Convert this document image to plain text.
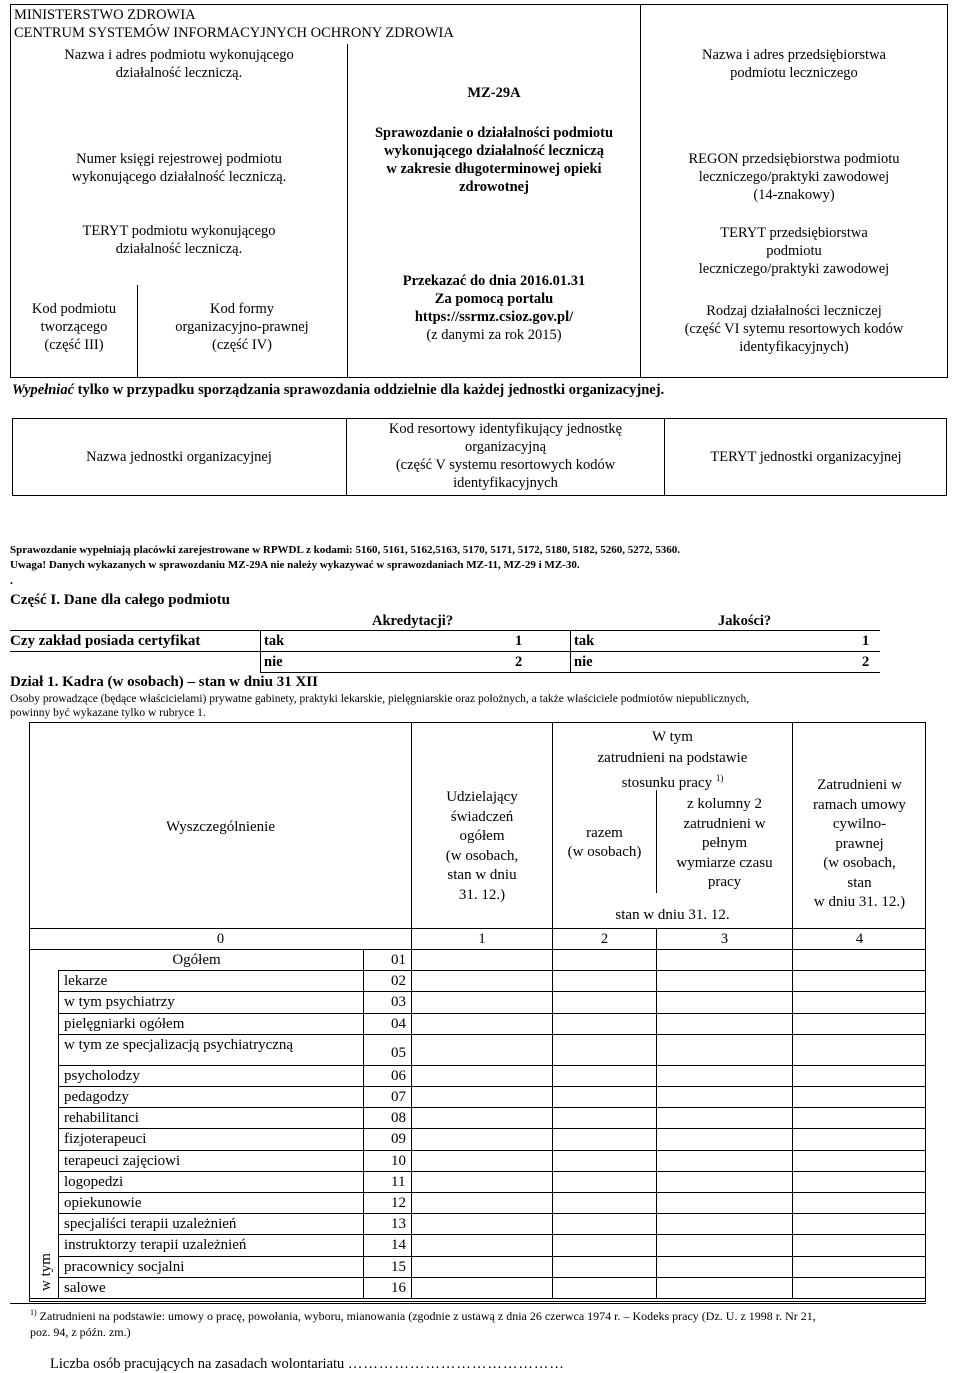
MINISTERSTWO ZDROWIA
CENTRUM SYSTEMÓW INFORMACYJNYCH OCHRONY ZDROWIA
Nazwa i adres podmiotu wykonującego
działalność leczniczą.
Numer księgi rejestrowej podmiotu
wykonującego działalność leczniczą.
TERYT podmiotu wykonującego
działalność leczniczą.
Kod podmiotu
tworzącego
(część III)
Kod formy
organizacyjno-prawnej
(część IV)
MZ-29A
Sprawozdanie o działalności podmiotu
wykonującego działalność leczniczą
w zakresie długoterminowej opieki
zdrowotnej
Przekazać do dnia 2016.01.31
Za pomocą portalu
https://ssrmz.csioz.gov.pl/
(z danymi za rok 2015)
Nazwa i adres przedsiębiorstwa
podmiotu leczniczego
REGON przedsiębiorstwa podmiotu
leczniczego/praktyki zawodowej
(14-znakowy)
TERYT przedsiębiorstwa
podmiotu
leczniczego/praktyki zawodowej
Rodzaj działalności leczniczej
(część VI sytemu resortowych kodów
identyfikacyjnych)
Wypełniać tylko w przypadku sporządzania sprawozdania oddzielnie dla każdej jednostki organizacyjnej.
Nazwa jednostki organizacyjnej
Kod resortowy identyfikujący jednostkę
organizacyjną
(część V systemu resortowych kodów
identyfikacyjnych
TERYT jednostki organizacyjnej
Sprawozdanie wypełniają placówki zarejestrowane w RPWDL z kodami: 5160, 5161, 5162,5163, 5170, 5171, 5172, 5180, 5182, 5260, 5272, 5360.
Uwaga! Danych wykazanych w sprawozdaniu MZ-29A nie należy wykazywać w sprawozdaniach MZ-11, MZ-29 i MZ-30.
.
Część I. Dane dla całego podmiotu
Akredytacji?	Jakości?
Czy zakład posiada certyfikat	tak	1	tak	1
nie	2	nie	2
Dział 1. Kadra (w osobach) – stan w dniu 31 XII
Osoby prowadzące (będące właścicielami) prywatne gabinety, praktyki lekarskie, pielęgniarskie oraz położnych, a także właściciele podmiotów niepublicznych,
powinny być wykazane tylko w rubryce 1.
Wyszczególnienie
Udzielający
świadczeń
ogółem
(w osobach,
stan w dniu
31. 12.)
W tym
zatrudnieni na podstawie
stosunku pracy $^{1)}$
razem
(w osobach)
z kolumny 2
zatrudnieni w
pełnym
wymiarze czasu
pracy
Zatrudnieni w
ramach umowy
cywilno-
prawnej
(w osobach,
stan
w dniu 31. 12.)
stan w dniu 31. 12.
0	1	2	3	4
Ogółem	01
lekarze	02
w tym psychiatrzy	03
pielęgniarki ogółem	04
w tym ze specjalizacją psychiatryczną	05
psycholodzy	06
pedagodzy	07
rehabilitanci	08
fizjoterapeuci	09
terapeuci zajęciowi	10
logopedzi	11
opiekunowie	12
specjaliści terapii uzależnień	13
instruktorzy terapii uzależnień	14
pracownicy socjalni	15
salowe	16
w tym
$^{1)}$ Zatrudnieni na podstawie: umowy o pracę, powołania, wyboru, mianowania (zgodnie z ustawą z dnia 26 czerwca 1974 r. – Kodeks pracy (Dz. U. z 1998 r. Nr 21,
poz. 94, z późn. zm.)
Liczba osób pracujących na zasadach wolontariatu ……………………………………
